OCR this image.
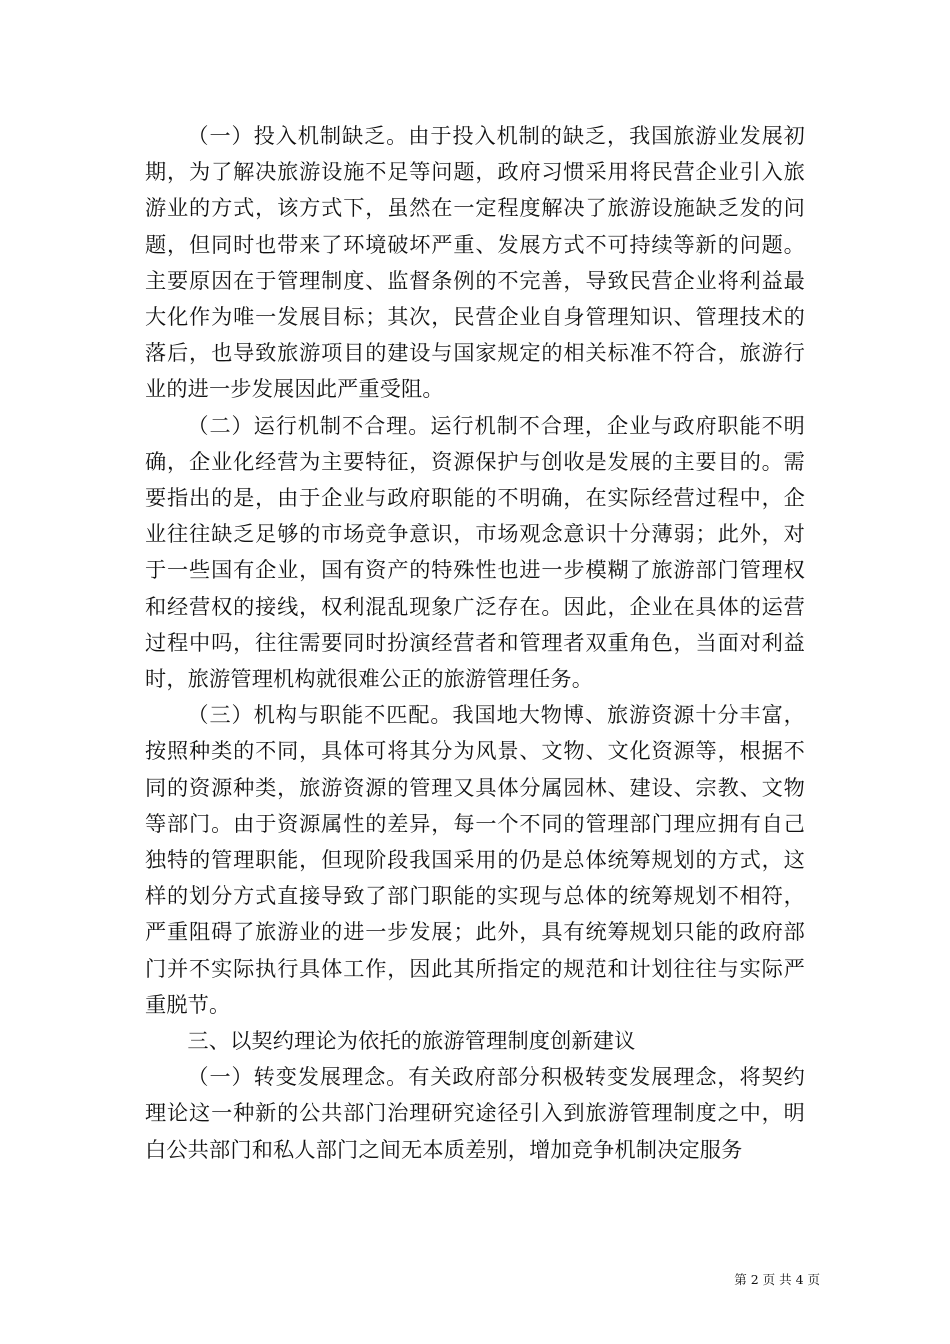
（一）投入机制缺乏。由于投入机制的缺乏，我国旅游业发展初期，为了解决旅游设施不足等问题，政府习惯采用将民营企业引入旅游业的方式，该方式下，虽然在一定程度解决了旅游设施缺乏发的问题，但同时也带来了环境破坏严重、发展方式不可持续等新的问题。主要原因在于管理制度、监督条例的不完善，导致民营企业将利益最大化作为唯一发展目标；其次，民营企业自身管理知识、管理技术的落后，也导致旅游项目的建设与国家规定的相关标准不符合，旅游行业的进一步发展因此严重受阻。

（二）运行机制不合理。运行机制不合理，企业与政府职能不明确，企业化经营为主要特征，资源保护与创收是发展的主要目的。需要指出的是，由于企业与政府职能的不明确，在实际经营过程中，企业往往缺乏足够的市场竞争意识，市场观念意识十分薄弱；此外，对于一些国有企业，国有资产的特殊性也进一步模糊了旅游部门管理权和经营权的接线，权利混乱现象广泛存在。因此，企业在具体的运营过程中吗，往往需要同时扮演经营者和管理者双重角色，当面对利益时，旅游管理机构就很难公正的旅游管理任务。

（三）机构与职能不匹配。我国地大物博、旅游资源十分丰富，按照种类的不同，具体可将其分为风景、文物、文化资源等，根据不同的资源种类，旅游资源的管理又具体分属园林、建设、宗教、文物等部门。由于资源属性的差异，每一个不同的管理部门理应拥有自己独特的管理职能，但现阶段我国采用的仍是总体统筹规划的方式，这样的划分方式直接导致了部门职能的实现与总体的统筹规划不相符，严重阻碍了旅游业的进一步发展；此外，具有统筹规划只能的政府部门并不实际执行具体工作，因此其所指定的规范和计划往往与实际严重脱节。

三、以契约理论为依托的旅游管理制度创新建议

（一）转变发展理念。有关政府部分积极转变发展理念，将契约理论这一种新的公共部门治理研究途径引入到旅游管理制度之中，明白公共部门和私人部门之间无本质差别，增加竞争机制决定服务

第 2 页 共 4 页
